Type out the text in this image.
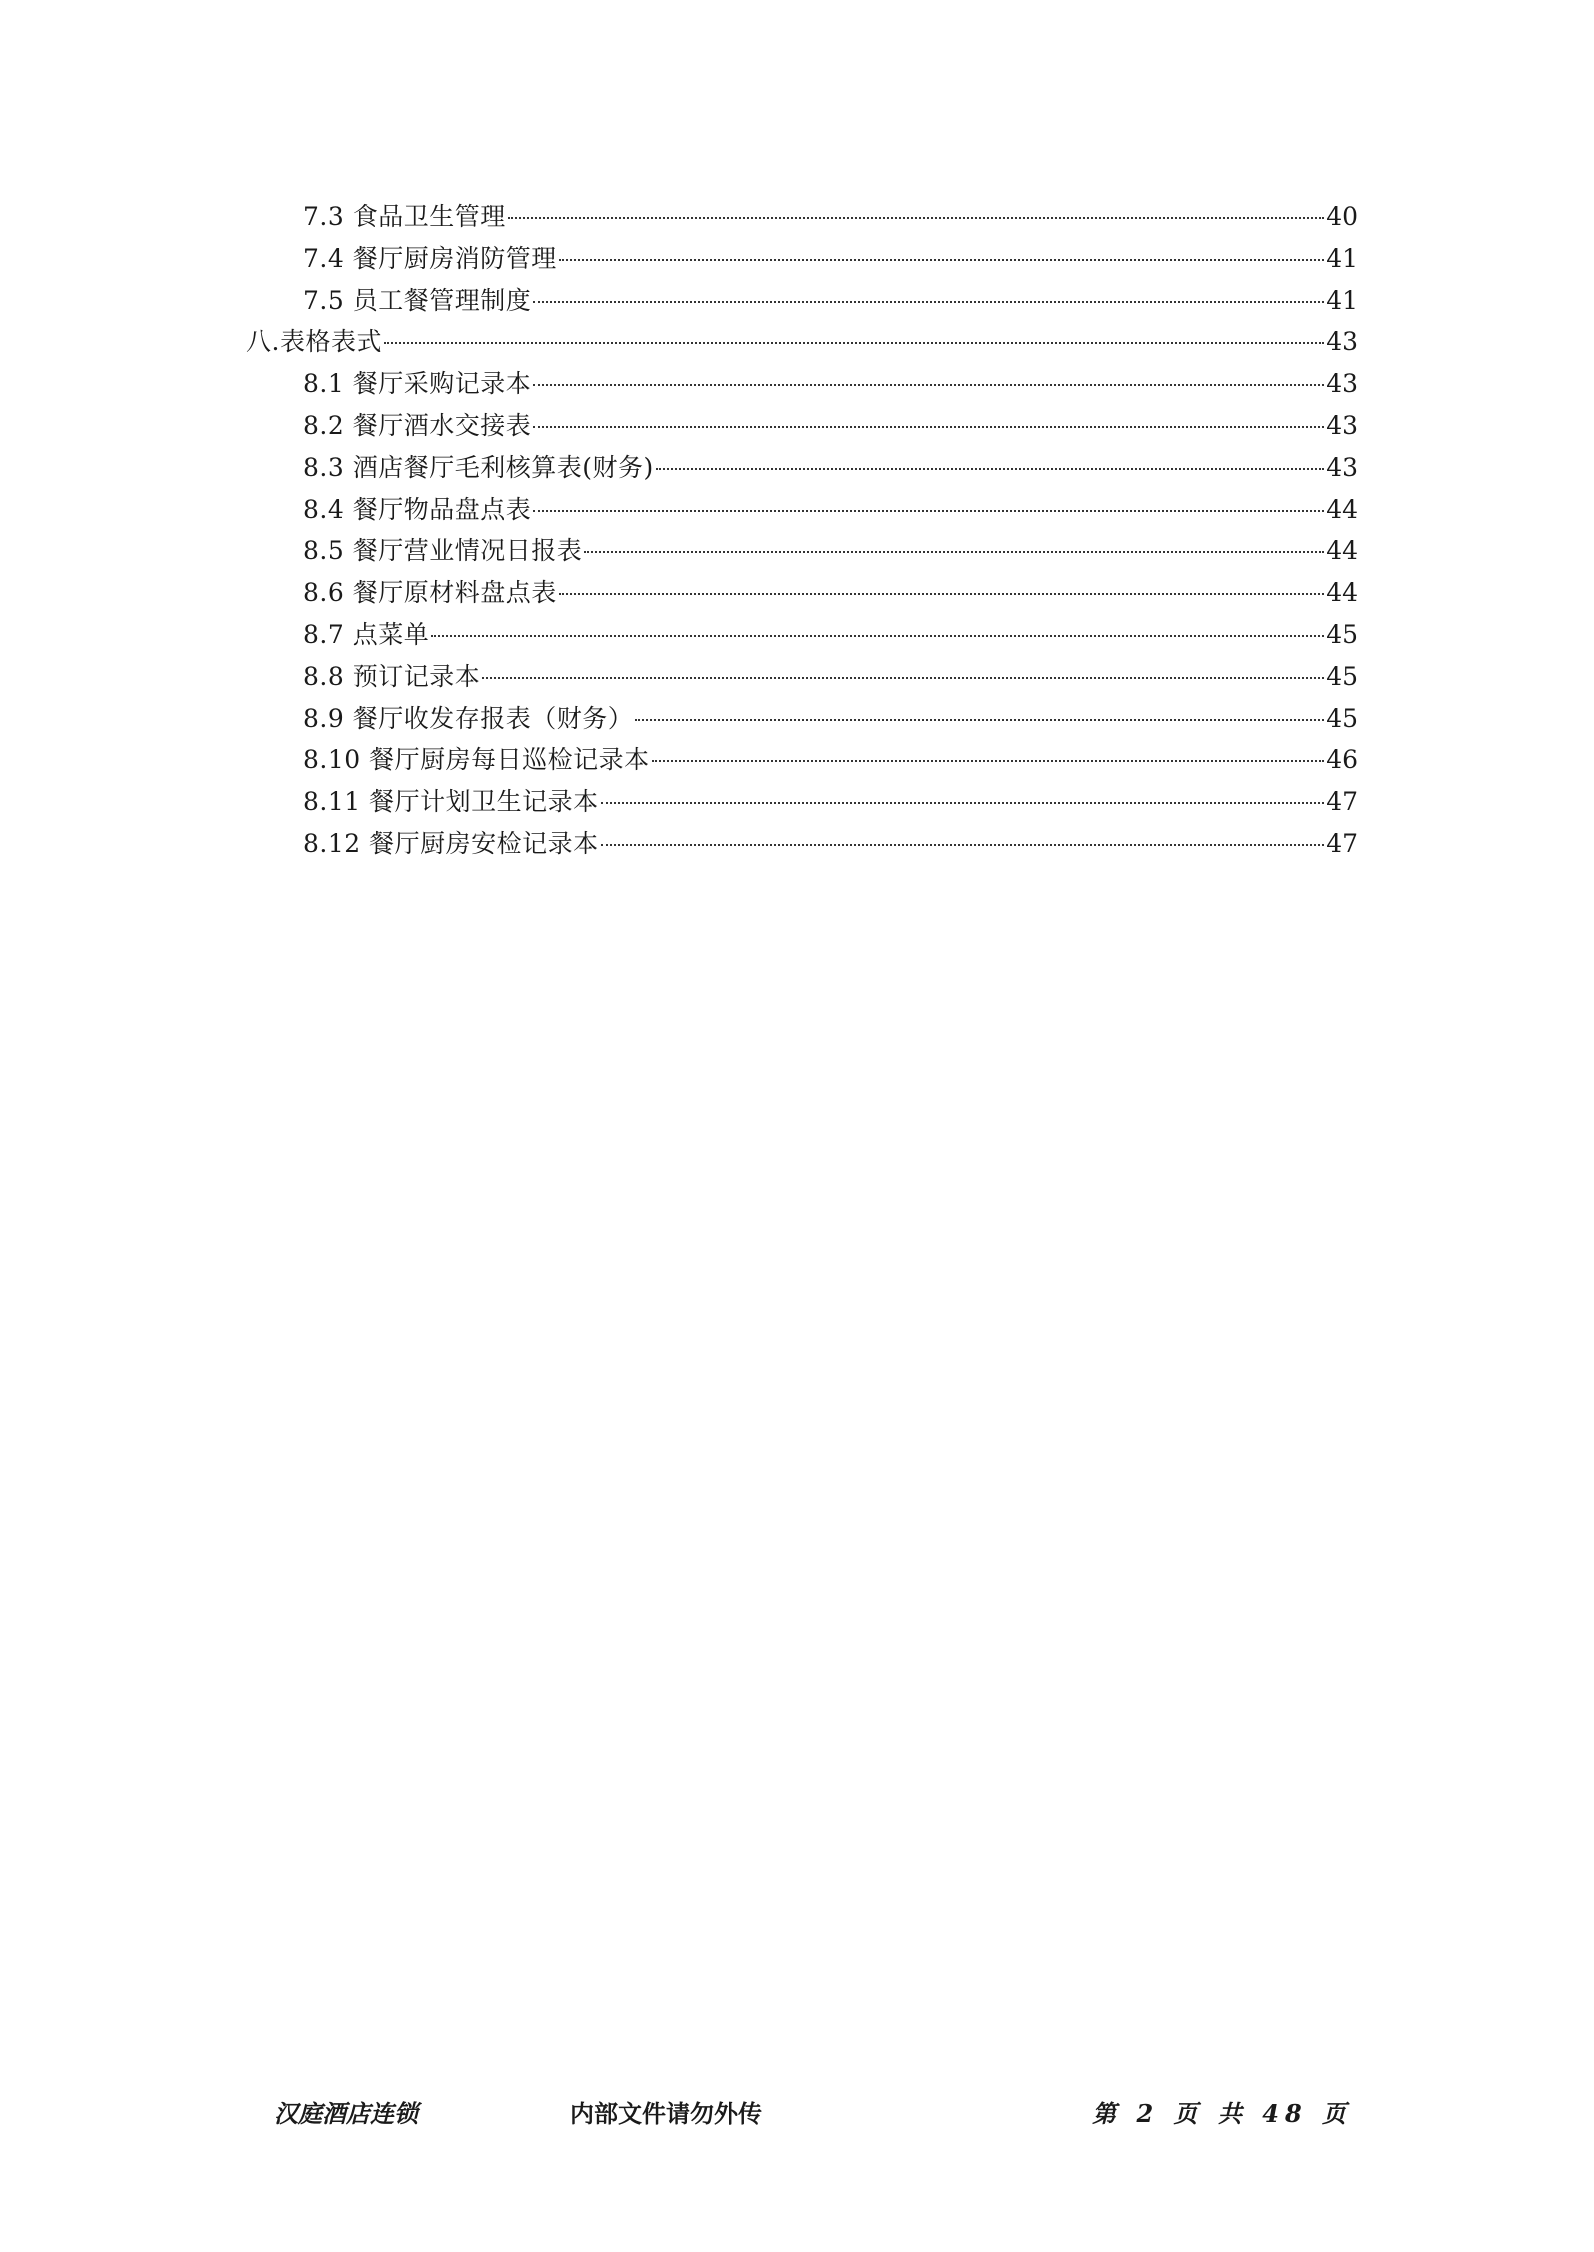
7.3 食品卫生管理	40
7.4 餐厅厨房消防管理	41
7.5 员工餐管理制度	41
八.表格表式	43
8.1 餐厅采购记录本	43
8.2 餐厅酒水交接表	43
8.3 酒店餐厅毛利核算表(财务)	43
8.4 餐厅物品盘点表	44
8.5 餐厅营业情况日报表	44
8.6 餐厅原材料盘点表	44
8.7 点菜单	45
8.8 预订记录本	45
8.9 餐厅收发存报表（财务）	45
8.10 餐厅厨房每日巡检记录本	46
8.11 餐厅计划卫生记录本	47
8.12 餐厅厨房安检记录本	47
汉庭酒店连锁	内部文件请勿外传	第 2 页 共 48 页
